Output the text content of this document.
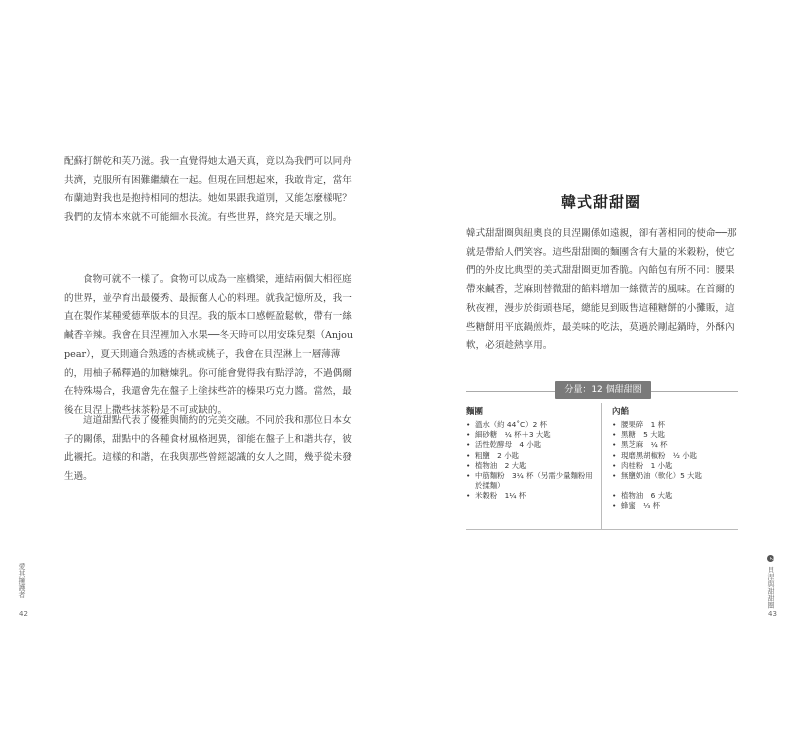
配蘇打餅乾和芙乃滋。我一直覺得她太過天真，竟以為我們可以同舟共濟，克服所有困難繼續在一起。但現在回想起來，我敢肯定，當年布蘭迪對我也是抱持相同的想法。她如果跟我道別，又能怎麼樣呢？我們的友情本來就不可能細水長流。有些世界，終究是天壤之別。

食物可就不一樣了。食物可以成為一座橋梁，連結兩個大相徑庭的世界，並孕育出最優秀、最振奮人心的料理。就我記憶所及，我一直在製作某種愛德華版本的貝涅。我的版本口感輕盈鬆軟，帶有一絲鹹香辛辣。我會在貝涅裡加入水果──冬天時可以用安珠兒梨（Anjou pear），夏天則適合熟透的杏桃或桃子，我會在貝涅淋上一層薄薄的，用柚子稀釋過的加糖煉乳。你可能會覺得我有點浮誇，不過偶爾在特殊場合，我還會先在盤子上塗抹些許的榛果巧克力醬。當然，最後在貝涅上撒些抹茶粉是不可或缺的。

這道甜點代表了優雅與簡約的完美交融。不同於我和那位日本女子的關係，甜點中的各種食材風格迥異，卻能在盤子上和諧共存，彼此襯托。這樣的和諧，在我與那些曾經認識的女人之間，幾乎從未發生過。

愛其擁護者
42
韓式甜甜圈

韓式甜甜圈與紐奧良的貝涅關係如遠親，卻有著相同的使命──那就是帶給人們笑容。這些甜甜圈的麵團含有大量的米穀粉，使它們的外皮比典型的美式甜甜圈更加香脆。內餡包有所不同：腰果帶來鹹香，芝麻則替微甜的餡料增加一絲微苦的風味。在首爾的秋夜裡，漫步於街頭巷尾，總能見到販售這種糖餅的小攤販，這些糖餅用平底鍋煎炸，最美味的吃法，莫過於剛起鍋時，外酥內軟，必須趁熱享用。

分量：12 個甜甜圈
麵團
• 溫水（約 44˚C）2 杯
• 細砂糖　¼ 杯＋3 大匙
• 活性乾酵母　4 小匙
• 粗鹽　2 小匙
• 植物油　2 大匙
• 中筋麵粉　3¼ 杯（另需少量麵粉用於揉麵）
• 米穀粉　1¼ 杯
內餡
• 腰果碎　1 杯
• 黑糖　5 大匙
• 黑芝麻　¼ 杯
• 現磨黑胡椒粉　½ 小匙
• 肉桂粉　1 小匙
• 無鹽奶油（軟化）5 大匙
• 植物油　6 大匙
• 蜂蜜　⅓ 杯
2 貝涅與甜甜圈
43
